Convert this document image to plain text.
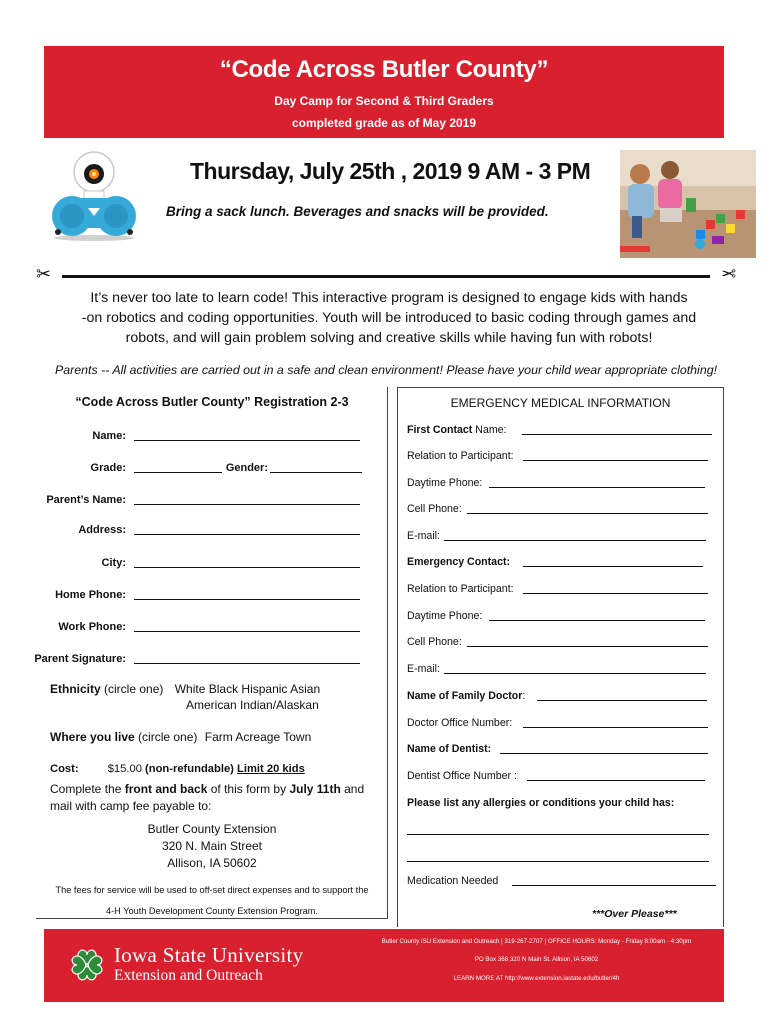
“Code Across Butler County”
Day Camp for Second & Third Graders
completed grade as of May 2019
Thursday, July 25th , 2019 9 AM - 3 PM
Bring a sack lunch. Beverages and snacks will be provided.
✂	✂
It’s never too late to learn code! This interactive program is designed to engage kids with hands
-on robotics and coding opportunities. Youth will be introduced to basic coding through games and
robots, and will gain problem solving and creative skills while having fun with robots!
Parents -- All activities are carried out in a safe and clean environment! Please have your child wear appropriate clothing!
“Code Across Butler County” Registration 2-3
Name:
Grade:	Gender:
Parent’s Name:
Address:
City:
Home Phone:
Work Phone:
Parent Signature:
Ethnicity (circle one) White Black Hispanic Asian
American Indian/Alaskan
Where you live (circle one) Farm Acreage Town
Cost:	$15.00 (non-refundable) Limit 20 kids
Complete the front and back of this form by July 11th and
mail with camp fee payable to:
Butler County Extension
320 N. Main Street
Allison, IA 50602
The fees for service will be used to off-set direct expenses and to support the
4-H Youth Development County Extension Program.
EMERGENCY MEDICAL INFORMATION
First Contact Name:
Relation to Participant:
Daytime Phone:
Cell Phone:
E-mail:
Emergency Contact:
Relation to Participant:
Daytime Phone:
Cell Phone:
E-mail:
Name of Family Doctor:
Doctor Office Number:
Name of Dentist:
Dentist Office Number :
Please list any allergies or conditions your child has:
Medication Needed
***Over Please***
H Iowa State University
Extension and Outreach
Butler County ISU Extension and Outreach | 319-267-2707 | OFFICE HOURS: Monday - Friday 8:00am - 4:30pm
PO Box 368 320 N Main St. Allison, IA 50602
LEARN MORE AT http://www.extension.iastate.edu/butler/4h
